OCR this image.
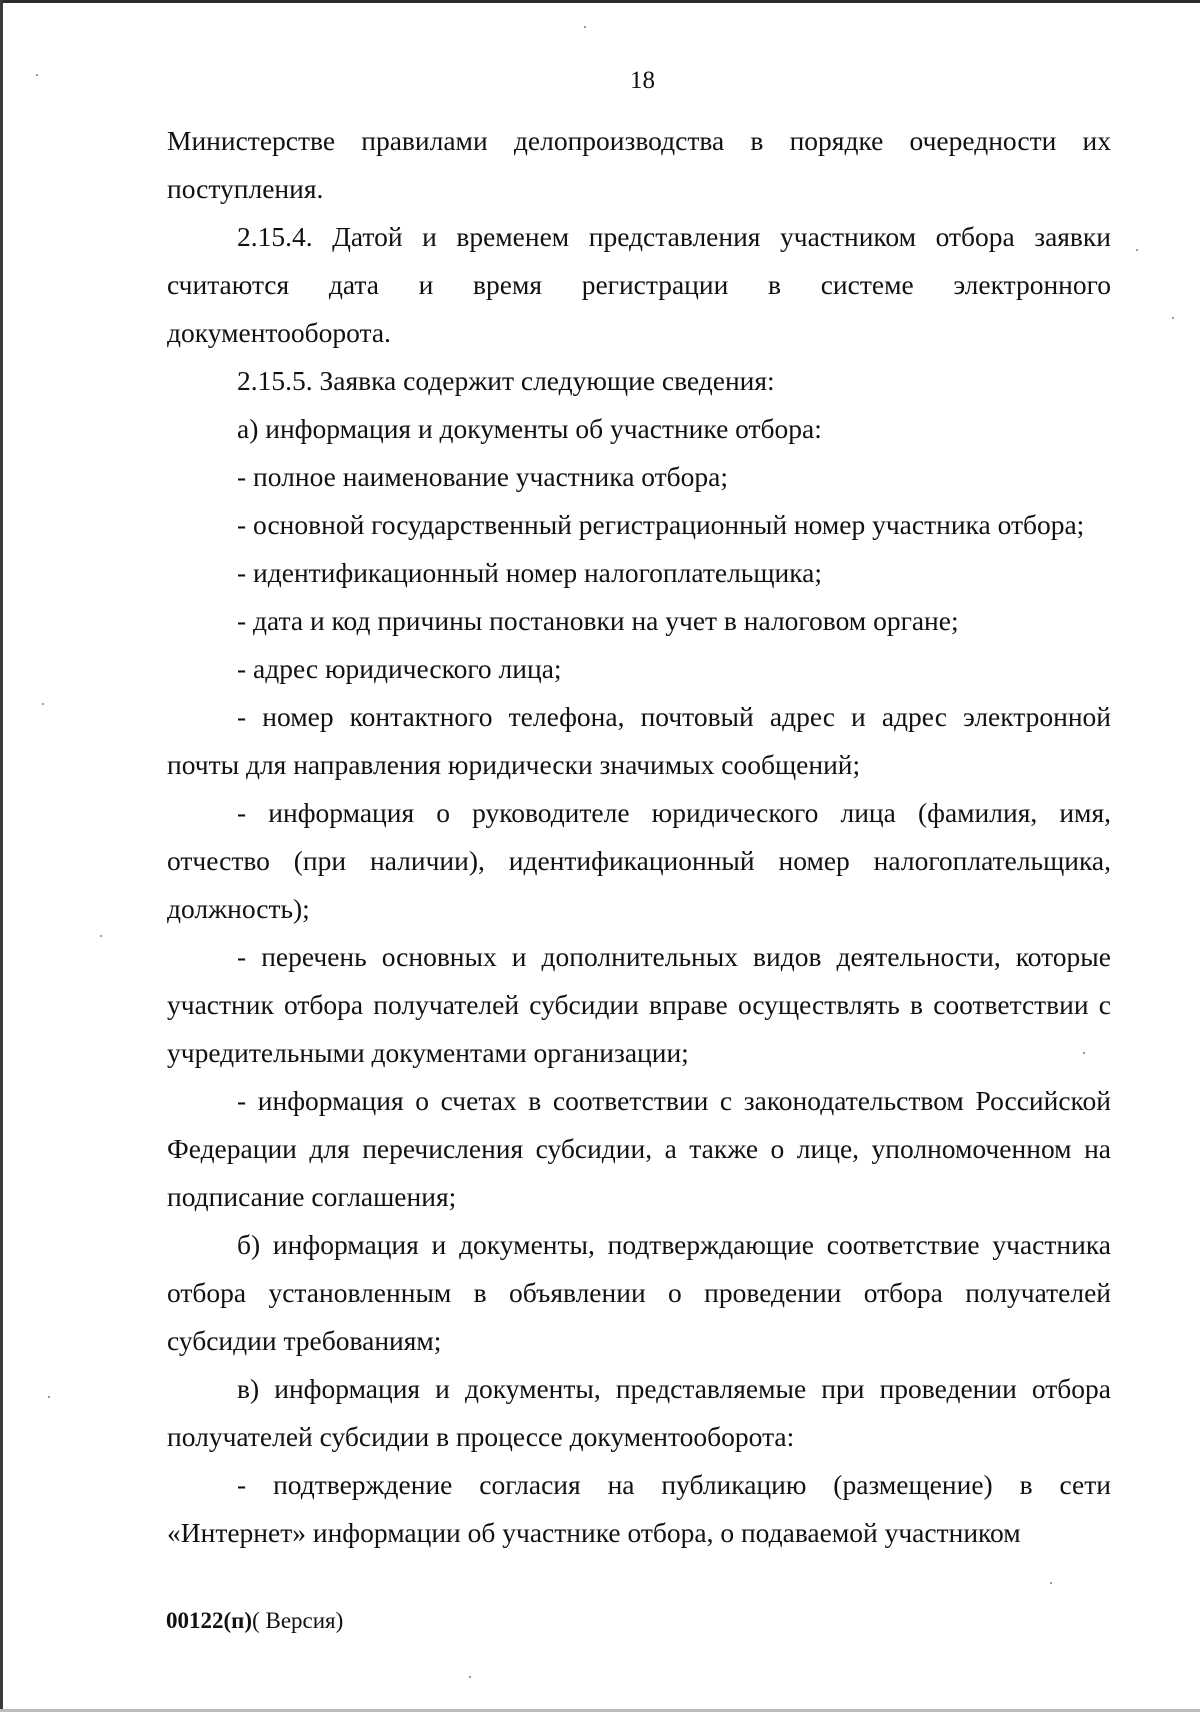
18

Министерстве правилами делопроизводства в порядке очередности их поступления.

2.15.4. Датой и временем представления участником отбора заявки считаются дата и время регистрации в системе электронного документооборота.

2.15.5. Заявка содержит следующие сведения:

а) информация и документы об участнике отбора:

- полное наименование участника отбора;

- основной государственный регистрационный номер участника отбора;

- идентификационный номер налогоплательщика;

- дата и код причины постановки на учет в налоговом органе;

- адрес юридического лица;

- номер контактного телефона, почтовый адрес и адрес электронной почты для направления юридически значимых сообщений;

- информация о руководителе юридического лица (фамилия, имя, отчество (при наличии), идентификационный номер налогоплательщика, должность);

- перечень основных и дополнительных видов деятельности, которые участник отбора получателей субсидии вправе осуществлять в соответствии с учредительными документами организации;

- информация о счетах в соответствии с законодательством Российской Федерации для перечисления субсидии, а также о лице, уполномоченном на подписание соглашения;

б) информация и документы, подтверждающие соответствие участника отбора установленным в объявлении о проведении отбора получателей субсидии требованиям;

в) информация и документы, представляемые при проведении отбора получателей субсидии в процессе документооборота:

- подтверждение согласия на публикацию (размещение) в сети «Интернет» информации об участнике отбора, о подаваемой участником

00122(п)( Версия)
